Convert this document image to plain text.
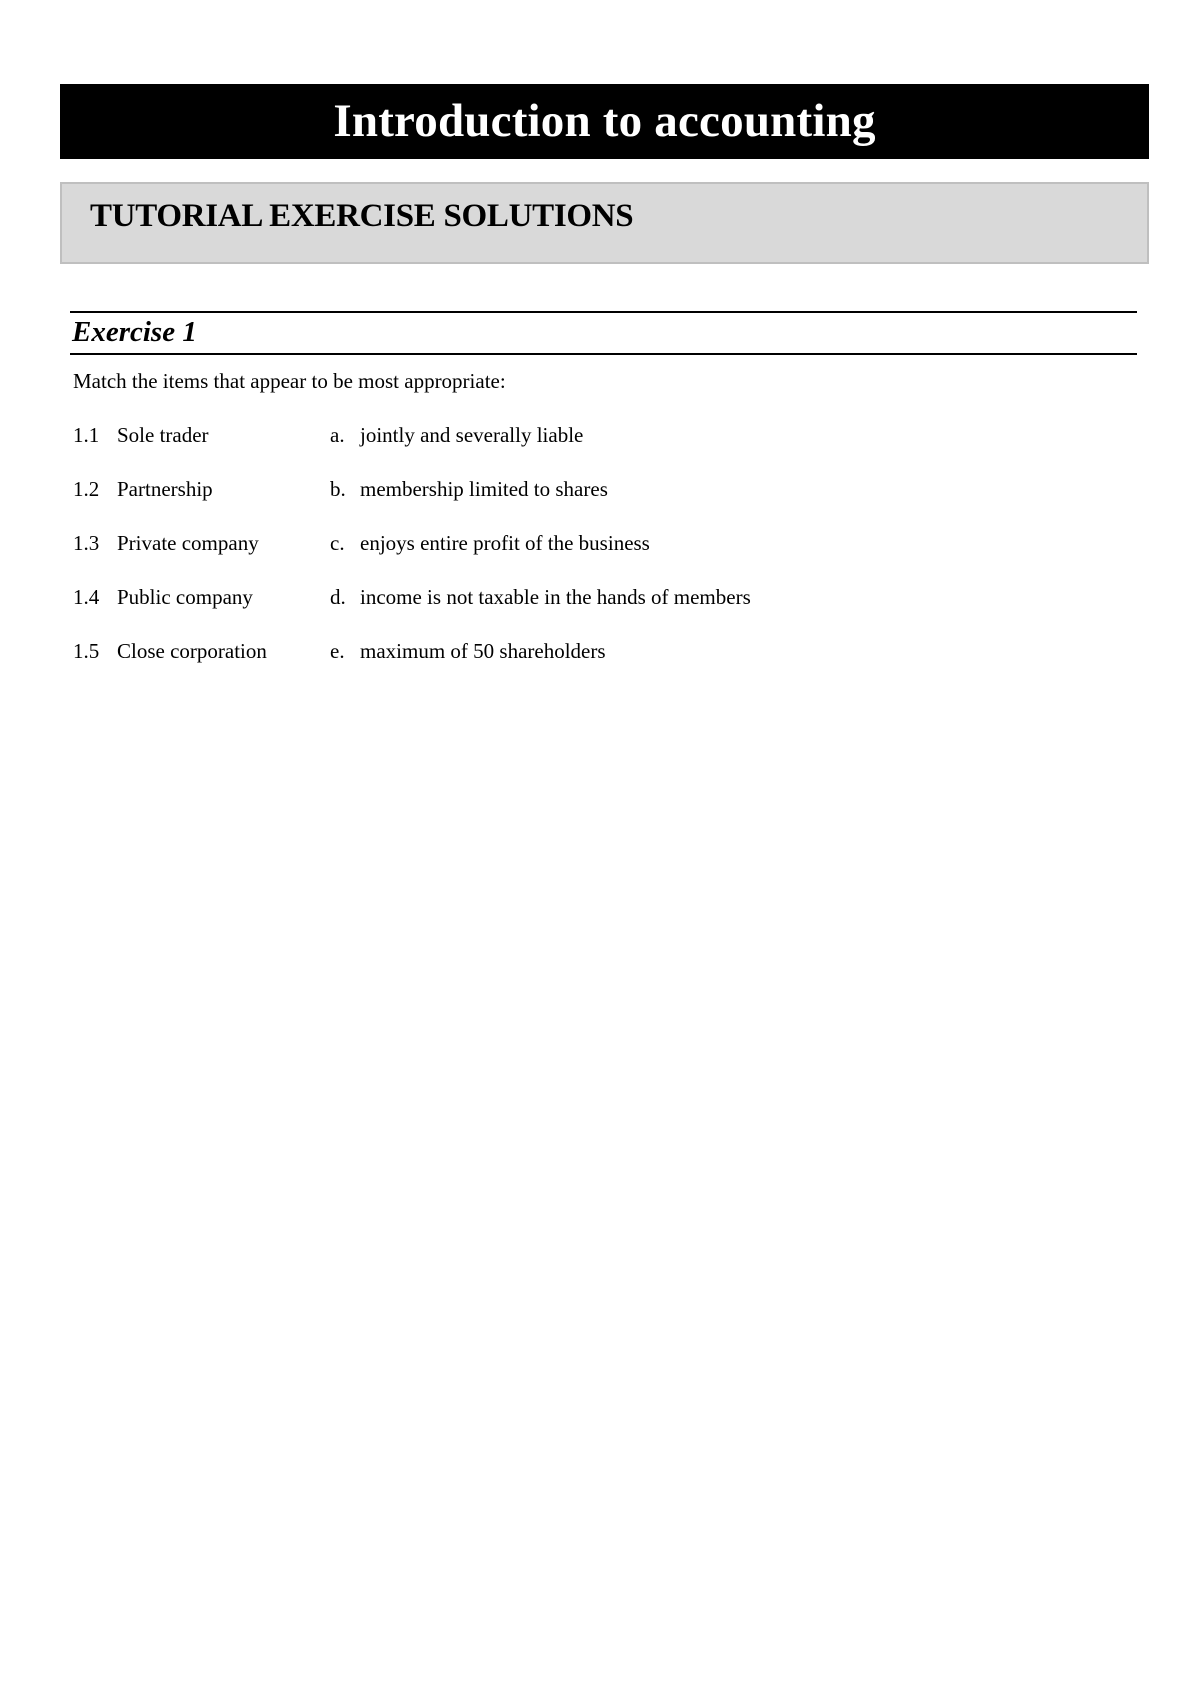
Introduction to accounting
TUTORIAL EXERCISE SOLUTIONS
Exercise 1
Match the items that appear to be most appropriate:
1.1 Sole trader	a. jointly and severally liable
1.2 Partnership	b. membership limited to shares
1.3 Private company	c. enjoys entire profit of the business
1.4 Public company	d. income is not taxable in the hands of members
1.5 Close corporation	e. maximum of 50 shareholders
